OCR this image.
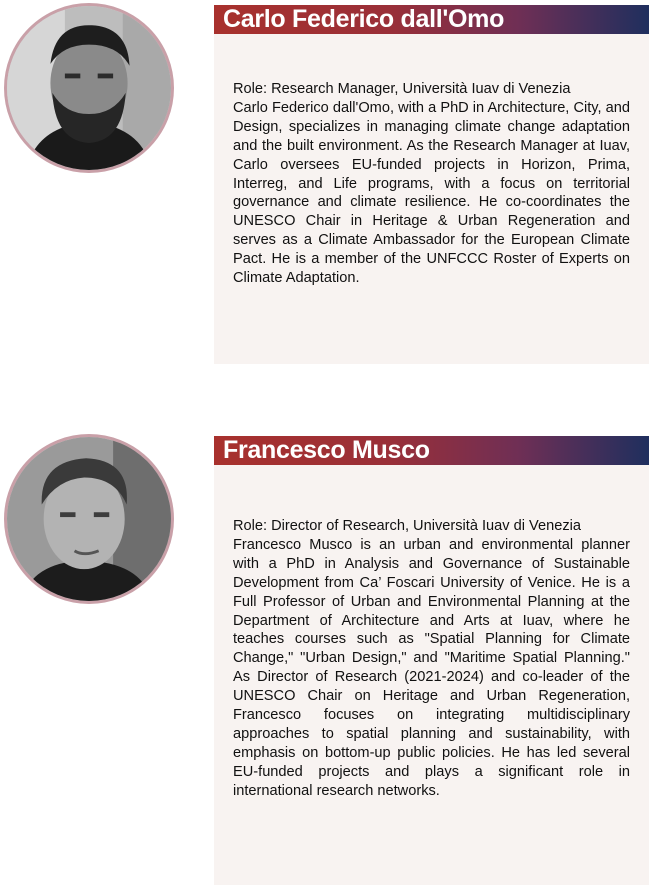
Carlo Federico dall'Omo

Role: Research Manager, Università Iuav di Venezia

Carlo Federico dall'Omo, with a PhD in Architecture, City, and Design, specializes in managing climate change adaptation and the built environment. As the Research Manager at Iuav, Carlo oversees EU-funded projects in Horizon, Prima, Interreg, and Life programs, with a focus on territorial governance and climate resilience. He co-coordinates the UNESCO Chair in Heritage & Urban Regeneration and serves as a Climate Ambassador for the European Climate Pact. He is a member of the UNFCCC Roster of Experts on Climate Adaptation.

Francesco Musco

Role: Director of Research, Università Iuav di Venezia

Francesco Musco is an urban and environmental planner with a PhD in Analysis and Governance of Sustainable Development from Ca’ Foscari University of Venice. He is a Full Professor of Urban and Environmental Planning at the Department of Architecture and Arts at Iuav, where he teaches courses such as "Spatial Planning for Climate Change," "Urban Design," and "Maritime Spatial Planning." As Director of Research (2021-2024) and co-leader of the UNESCO Chair on Heritage and Urban Regeneration, Francesco focuses on integrating multidisciplinary approaches to spatial planning and sustainability, with emphasis on bottom-up public policies. He has led several EU-funded projects and plays a significant role in international research networks.
